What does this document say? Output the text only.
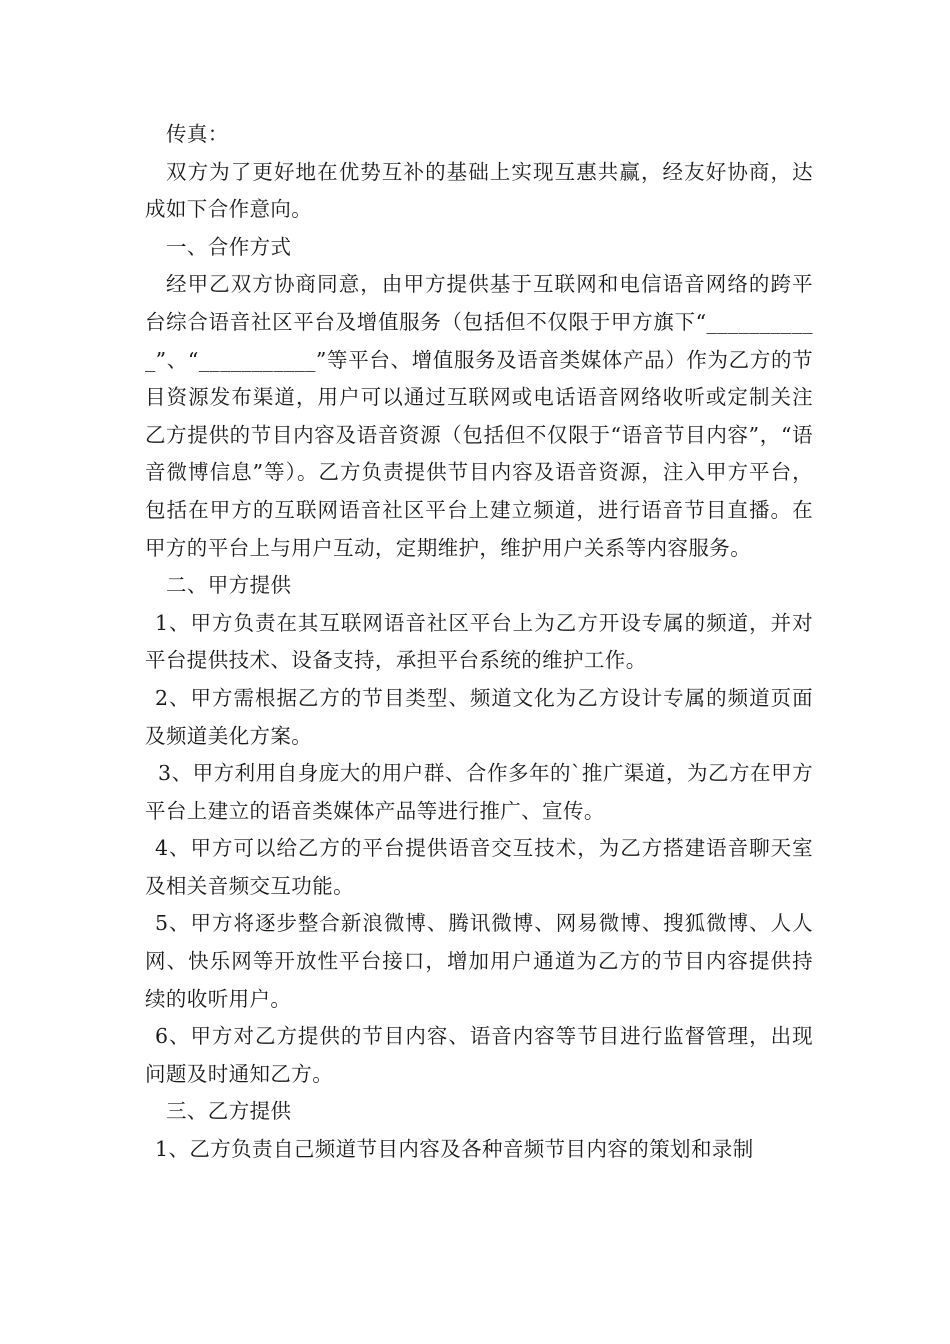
传真：

双方为了更好地在优势互补的基础上实现互惠共赢，经友好协商，达成如下合作意向。

一、合作方式

经甲乙双方协商同意，由甲方提供基于互联网和电信语音网络的跨平台综合语音社区平台及增值服务（包括但不仅限于甲方旗下“___________”、“___________”等平台、增值服务及语音类媒体产品）作为乙方的节目资源发布渠道，用户可以通过互联网或电话语音网络收听或定制关注乙方提供的节目内容及语音资源（包括但不仅限于“语音节目内容”，“语音微博信息”等）。乙方负责提供节目内容及语音资源，注入甲方平台，包括在甲方的互联网语音社区平台上建立频道，进行语音节目直播。在甲方的平台上与用户互动，定期维护，维护用户关系等内容服务。

二、甲方提供

1、甲方负责在其互联网语音社区平台上为乙方开设专属的频道，并对平台提供技术、设备支持，承担平台系统的维护工作。

2、甲方需根据乙方的节目类型、频道文化为乙方设计专属的频道页面及频道美化方案。

3、甲方利用自身庞大的用户群、合作多年的`推广渠道，为乙方在甲方平台上建立的语音类媒体产品等进行推广、宣传。

4、甲方可以给乙方的平台提供语音交互技术，为乙方搭建语音聊天室及相关音频交互功能。

5、甲方将逐步整合新浪微博、腾讯微博、网易微博、搜狐微博、人人网、快乐网等开放性平台接口，增加用户通道为乙方的节目内容提供持续的收听用户。

6、甲方对乙方提供的节目内容、语音内容等节目进行监督管理，出现问题及时通知乙方。

三、乙方提供

1、乙方负责自己频道节目内容及各种音频节目内容的策划和录制
